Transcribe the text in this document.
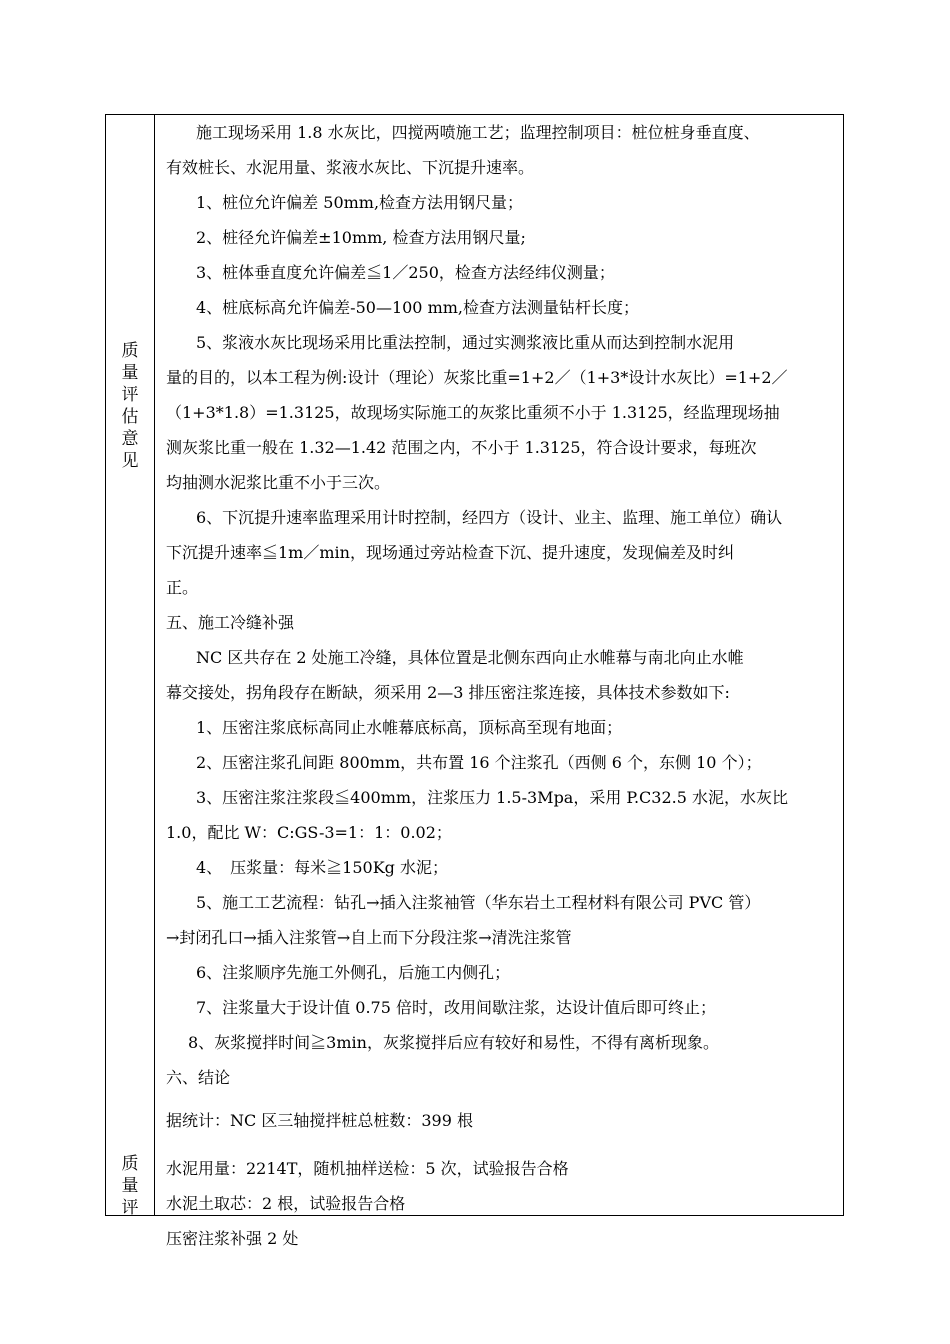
质
量
评
估
意
见
质
量
评
施工现场采用 1.8 水灰比，四搅两喷施工艺；监理控制项目：桩位桩身垂直度、
有效桩长、水泥用量、浆液水灰比、下沉提升速率。
1、桩位允许偏差 50mm,检查方法用钢尺量；
2、桩径允许偏差±10mm, 检查方法用钢尺量;
3、桩体垂直度允许偏差≦1／250，检查方法经纬仪测量；
4、桩底标高允许偏差-50—100 mm,检查方法测量钻杆长度；
5、浆液水灰比现场采用比重法控制，通过实测浆液比重从而达到控制水泥用
量的目的，以本工程为例:设计（理论）灰浆比重=1+2／（1+3*设计水灰比）=1+2／
（1+3*1.8）=1.3125，故现场实际施工的灰浆比重须不小于 1.3125，经监理现场抽
测灰浆比重一般在 1.32—1.42 范围之内，不小于 1.3125，符合设计要求，每班次
均抽测水泥浆比重不小于三次。
6、下沉提升速率监理采用计时控制，经四方（设计、业主、监理、施工单位）确认
下沉提升速率≦1m／min，现场通过旁站检查下沉、提升速度，发现偏差及时纠
正。
五、施工冷缝补强
NC 区共存在 2 处施工冷缝，具体位置是北侧东西向止水帷幕与南北向止水帷
幕交接处，拐角段存在断缺，须采用 2—3 排压密注浆连接，具体技术参数如下:
1、压密注浆底标高同止水帷幕底标高，顶标高至现有地面；
2、压密注浆孔间距 800mm，共布置 16 个注浆孔（西侧 6 个，东侧 10 个）；
3、压密注浆注浆段≦400mm，注浆压力 1.5-3Mpa，采用 P.C32.5 水泥，水灰比
1.0，配比 W：C:GS-3=1：1：0.02；
4、　压浆量：每米≧150Kg 水泥；
5、施工工艺流程：钻孔→插入注浆袖管（华东岩土工程材料有限公司 PVC 管）
→封闭孔口→插入注浆管→自上而下分段注浆→清洗注浆管
6、注浆顺序先施工外侧孔，后施工内侧孔；
7、注浆量大于设计值 0.75 倍时，改用间歇注浆，达设计值后即可终止；
8、灰浆搅拌时间≧3min，灰浆搅拌后应有较好和易性，不得有离析现象。
六、结论
据统计：NC 区三轴搅拌桩总桩数：399 根
水泥用量：2214T，随机抽样送检：5 次，试验报告合格
水泥土取芯：2 根，试验报告合格
压密注浆补强 2 处
